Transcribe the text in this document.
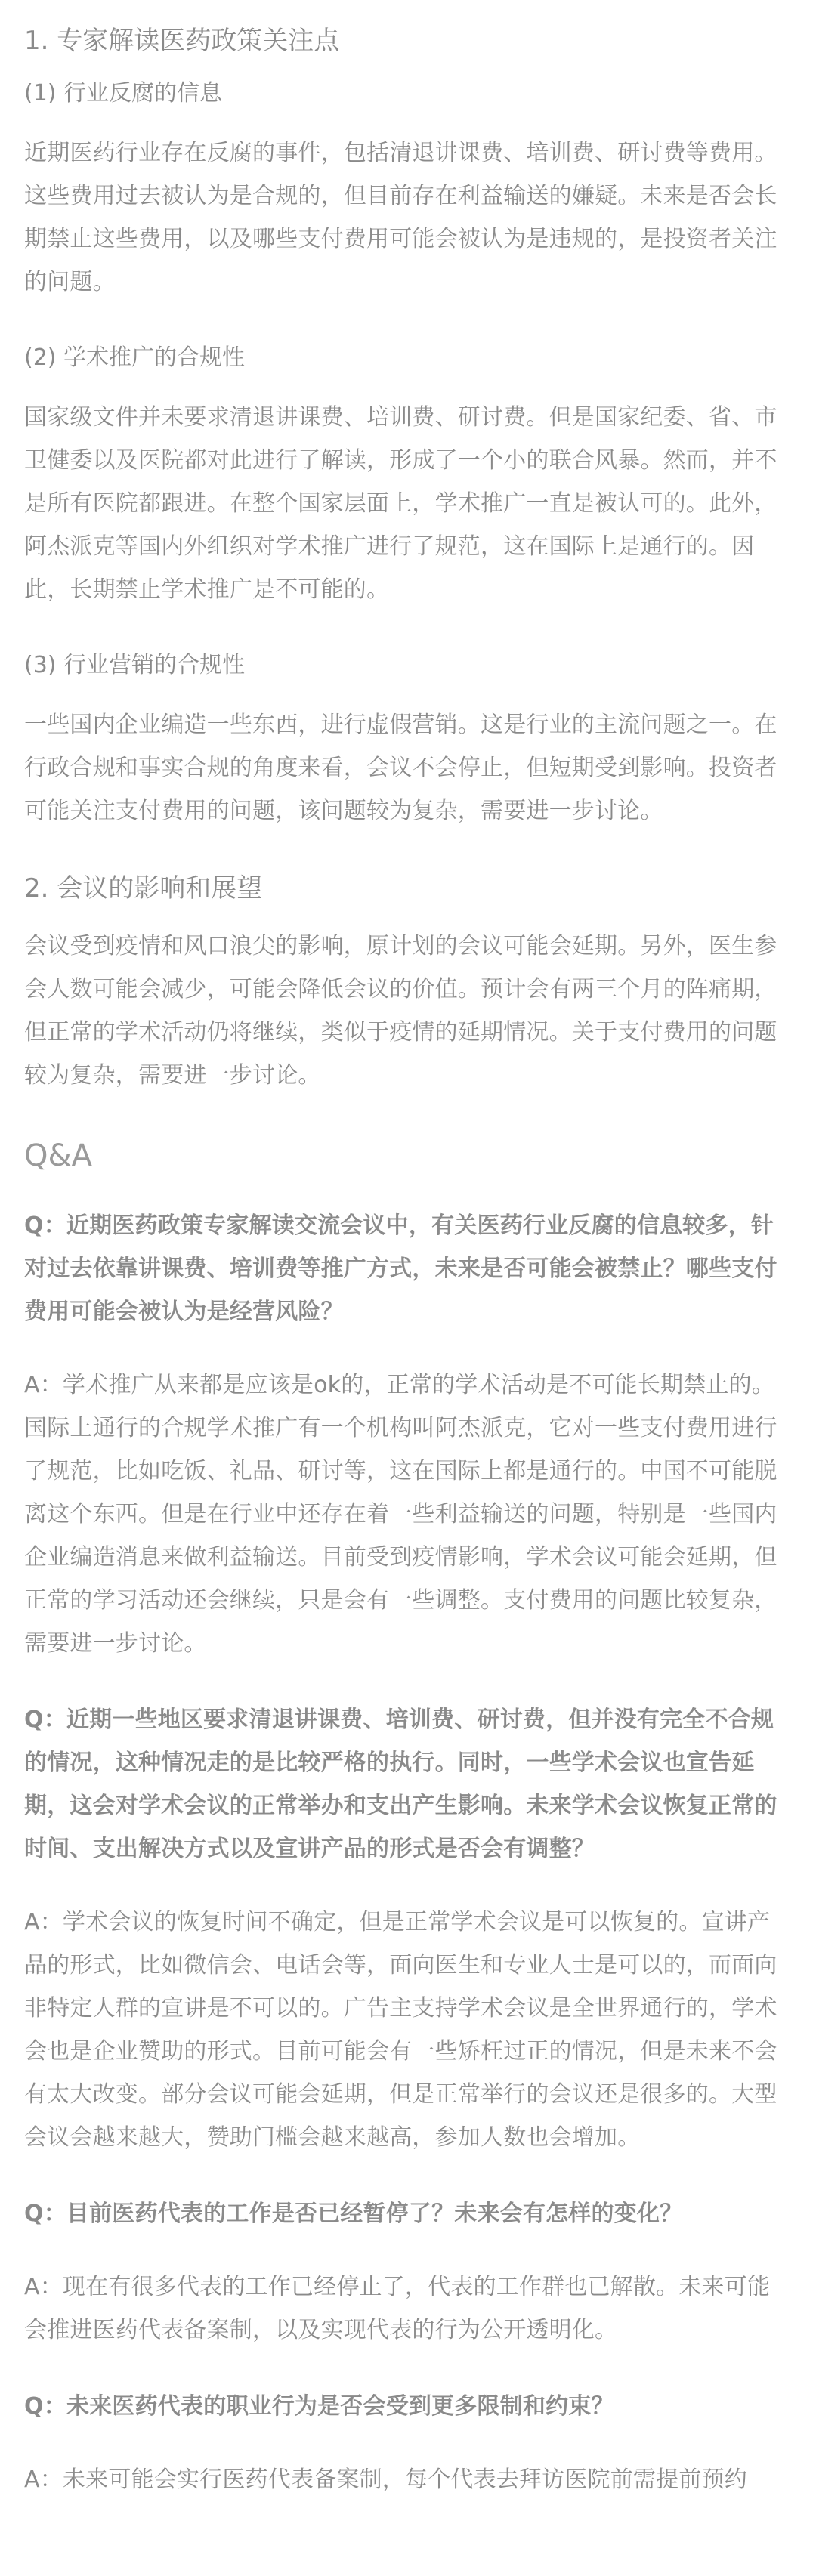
1. 专家解读医药政策关注点
(1) 行业反腐的信息

近期医药行业存在反腐的事件，包括清退讲课费、培训费、研讨费等费用。这些费用过去被认为是合规的，但目前存在利益输送的嫌疑。未来是否会长期禁止这些费用，以及哪些支付费用可能会被认为是违规的，是投资者关注的问题。

(2) 学术推广的合规性

国家级文件并未要求清退讲课费、培训费、研讨费。但是国家纪委、省、市卫健委以及医院都对此进行了解读，形成了一个小的联合风暴。然而，并不是所有医院都跟进。在整个国家层面上，学术推广一直是被认可的。此外，阿杰派克等国内外组织对学术推广进行了规范，这在国际上是通行的。因此，长期禁止学术推广是不可能的。

(3) 行业营销的合规性

一些国内企业编造一些东西，进行虚假营销。这是行业的主流问题之一。在行政合规和事实合规的角度来看，会议不会停止，但短期受到影响。投资者可能关注支付费用的问题，该问题较为复杂，需要进一步讨论。

2. 会议的影响和展望

会议受到疫情和风口浪尖的影响，原计划的会议可能会延期。另外，医生参会人数可能会减少，可能会降低会议的价值。预计会有两三个月的阵痛期，但正常的学术活动仍将继续，类似于疫情的延期情况。关于支付费用的问题较为复杂，需要进一步讨论。

Q&A

Q：近期医药政策专家解读交流会议中，有关医药行业反腐的信息较多，针对过去依靠讲课费、培训费等推广方式，未来是否可能会被禁止？哪些支付费用可能会被认为是经营风险？

A：学术推广从来都是应该是ok的，正常的学术活动是不可能长期禁止的。国际上通行的合规学术推广有一个机构叫阿杰派克，它对一些支付费用进行了规范，比如吃饭、礼品、研讨等，这在国际上都是通行的。中国不可能脱离这个东西。但是在行业中还存在着一些利益输送的问题，特别是一些国内企业编造消息来做利益输送。目前受到疫情影响，学术会议可能会延期，但正常的学习活动还会继续，只是会有一些调整。支付费用的问题比较复杂，需要进一步讨论。

Q：近期一些地区要求清退讲课费、培训费、研讨费，但并没有完全不合规的情况，这种情况走的是比较严格的执行。同时，一些学术会议也宣告延期，这会对学术会议的正常举办和支出产生影响。未来学术会议恢复正常的时间、支出解决方式以及宣讲产品的形式是否会有调整？

A：学术会议的恢复时间不确定，但是正常学术会议是可以恢复的。宣讲产品的形式，比如微信会、电话会等，面向医生和专业人士是可以的，而面向非特定人群的宣讲是不可以的。广告主支持学术会议是全世界通行的，学术会也是企业赞助的形式。目前可能会有一些矫枉过正的情况，但是未来不会有太大改变。部分会议可能会延期，但是正常举行的会议还是很多的。大型会议会越来越大，赞助门槛会越来越高，参加人数也会增加。

Q：目前医药代表的工作是否已经暂停了？未来会有怎样的变化？

A：现在有很多代表的工作已经停止了，代表的工作群也已解散。未来可能会推进医药代表备案制，以及实现代表的行为公开透明化。

Q：未来医药代表的职业行为是否会受到更多限制和约束？

A：未来可能会实行医药代表备案制，每个代表去拜访医院前需提前预约
